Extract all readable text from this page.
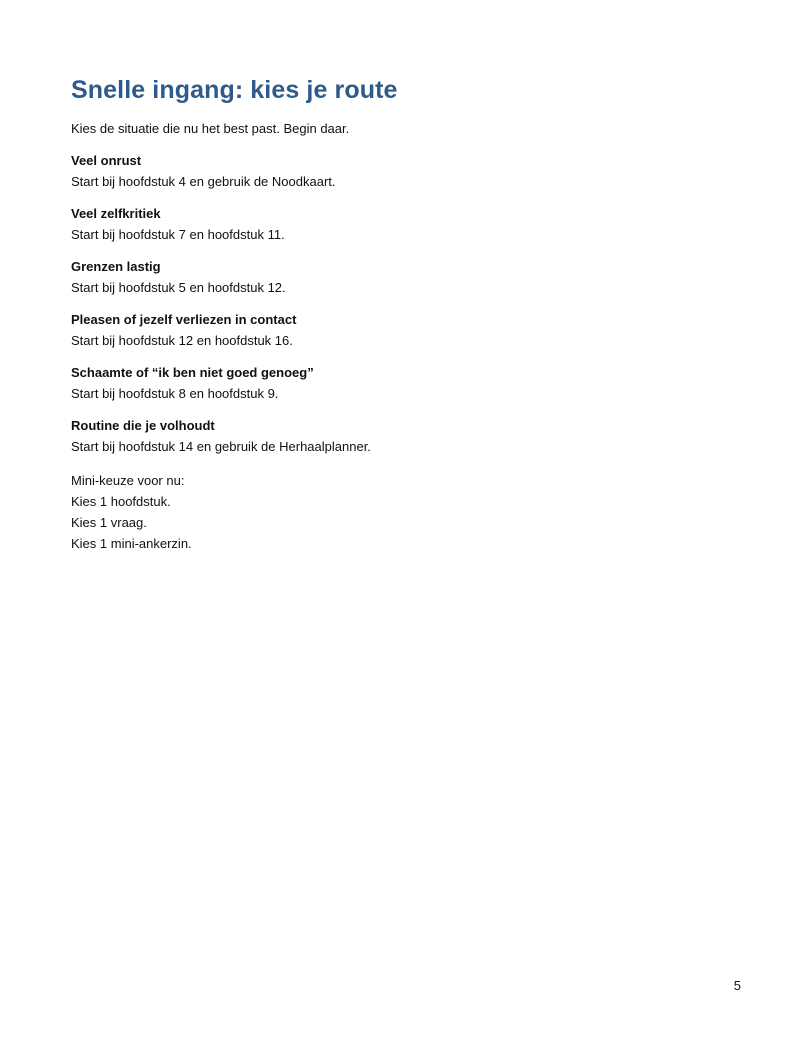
Snelle ingang: kies je route

Kies de situatie die nu het best past. Begin daar.

Veel onrust
Start bij hoofdstuk 4 en gebruik de Noodkaart.
Veel zelfkritiek
Start bij hoofdstuk 7 en hoofdstuk 11.
Grenzen lastig
Start bij hoofdstuk 5 en hoofdstuk 12.
Pleasen of jezelf verliezen in contact
Start bij hoofdstuk 12 en hoofdstuk 16.
Schaamte of “ik ben niet goed genoeg”
Start bij hoofdstuk 8 en hoofdstuk 9.
Routine die je volhoudt
Start bij hoofdstuk 14 en gebruik de Herhaalplanner.
Mini-keuze voor nu:
Kies 1 hoofdstuk.
Kies 1 vraag.
Kies 1 mini-ankerzin.
5
